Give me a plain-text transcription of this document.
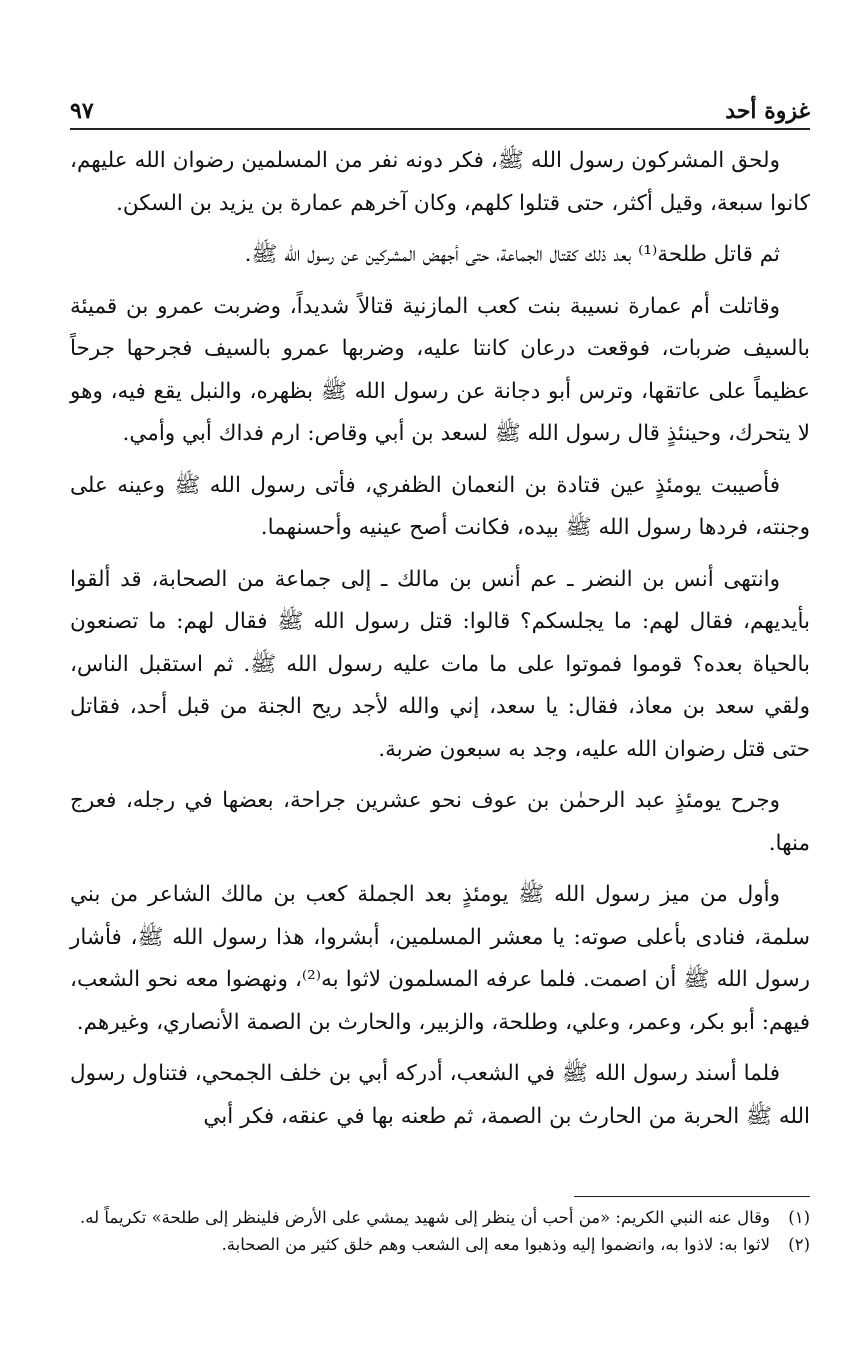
٩٧	غزوة أحد

ولحق المشركون رسول الله ﷺ، فكر دونه نفر من المسلمين رضوان الله عليهم، كانوا سبعة، وقيل أكثر، حتى قتلوا كلهم، وكان آخرهم عمارة بن يزيد بن السكن.

ثم قاتل طلحة⁽¹⁾ بعد ذلك كقتال الجماعة، حتى أجهض المشركين عن رسول الله ﷺ.

وقاتلت أم عمارة نسيبة بنت كعب المازنية قتالاً شديداً، وضربت عمرو بن قميئة بالسيف ضربات، فوقعت درعان كانتا عليه، وضربها عمرو بالسيف فجرحها جرحاً عظيماً على عاتقها، وترس أبو دجانة عن رسول الله ﷺ بظهره، والنبل يقع فيه، وهو لا يتحرك، وحينئذٍ قال رسول الله ﷺ لسعد بن أبي وقاص: ارم فداك أبي وأمي.

فأصيبت يومئذٍ عين قتادة بن النعمان الظفري، فأتى رسول الله ﷺ وعينه على وجنته، فردها رسول الله ﷺ بيده، فكانت أصح عينيه وأحسنهما.

وانتهى أنس بن النضر ـ عم أنس بن مالك ـ إلى جماعة من الصحابة، قد ألقوا بأيديهم، فقال لهم: ما يجلسكم؟ قالوا: قتل رسول الله ﷺ فقال لهم: ما تصنعون بالحياة بعده؟ قوموا فموتوا على ما مات عليه رسول الله ﷺ. ثم استقبل الناس، ولقي سعد بن معاذ، فقال: يا سعد، إني والله لأجد ريح الجنة من قبل أحد، فقاتل حتى قتل رضوان الله عليه، وجد به سبعون ضربة.

وجرح يومئذٍ عبد الرحمٰن بن عوف نحو عشرين جراحة، بعضها في رجله، فعرج منها.

وأول من ميز رسول الله ﷺ يومئذٍ بعد الجملة كعب بن مالك الشاعر من بني سلمة، فنادى بأعلى صوته: يا معشر المسلمين، أبشروا، هذا رسول الله ﷺ، فأشار رسول الله ﷺ أن اصمت. فلما عرفه المسلمون لاثوا به⁽²⁾، ونهضوا معه نحو الشعب، فيهم: أبو بكر، وعمر، وعلي، وطلحة، والزبير، والحارث بن الصمة الأنصاري، وغيرهم.

فلما أسند رسول الله ﷺ في الشعب، أدركه أبي بن خلف الجمحي، فتناول رسول الله ﷺ الحربة من الحارث بن الصمة، ثم طعنه بها في عنقه، فكر أبي

(١)
وقال عنه النبي الكريم: «من أحب أن ينظر إلى شهيد يمشي على الأرض فلينظر إلى طلحة» تكريماً له.
(٢)
لاثوا به: لاذوا به، وانضموا إليه وذهبوا معه إلى الشعب وهم خلق كثير من الصحابة.
